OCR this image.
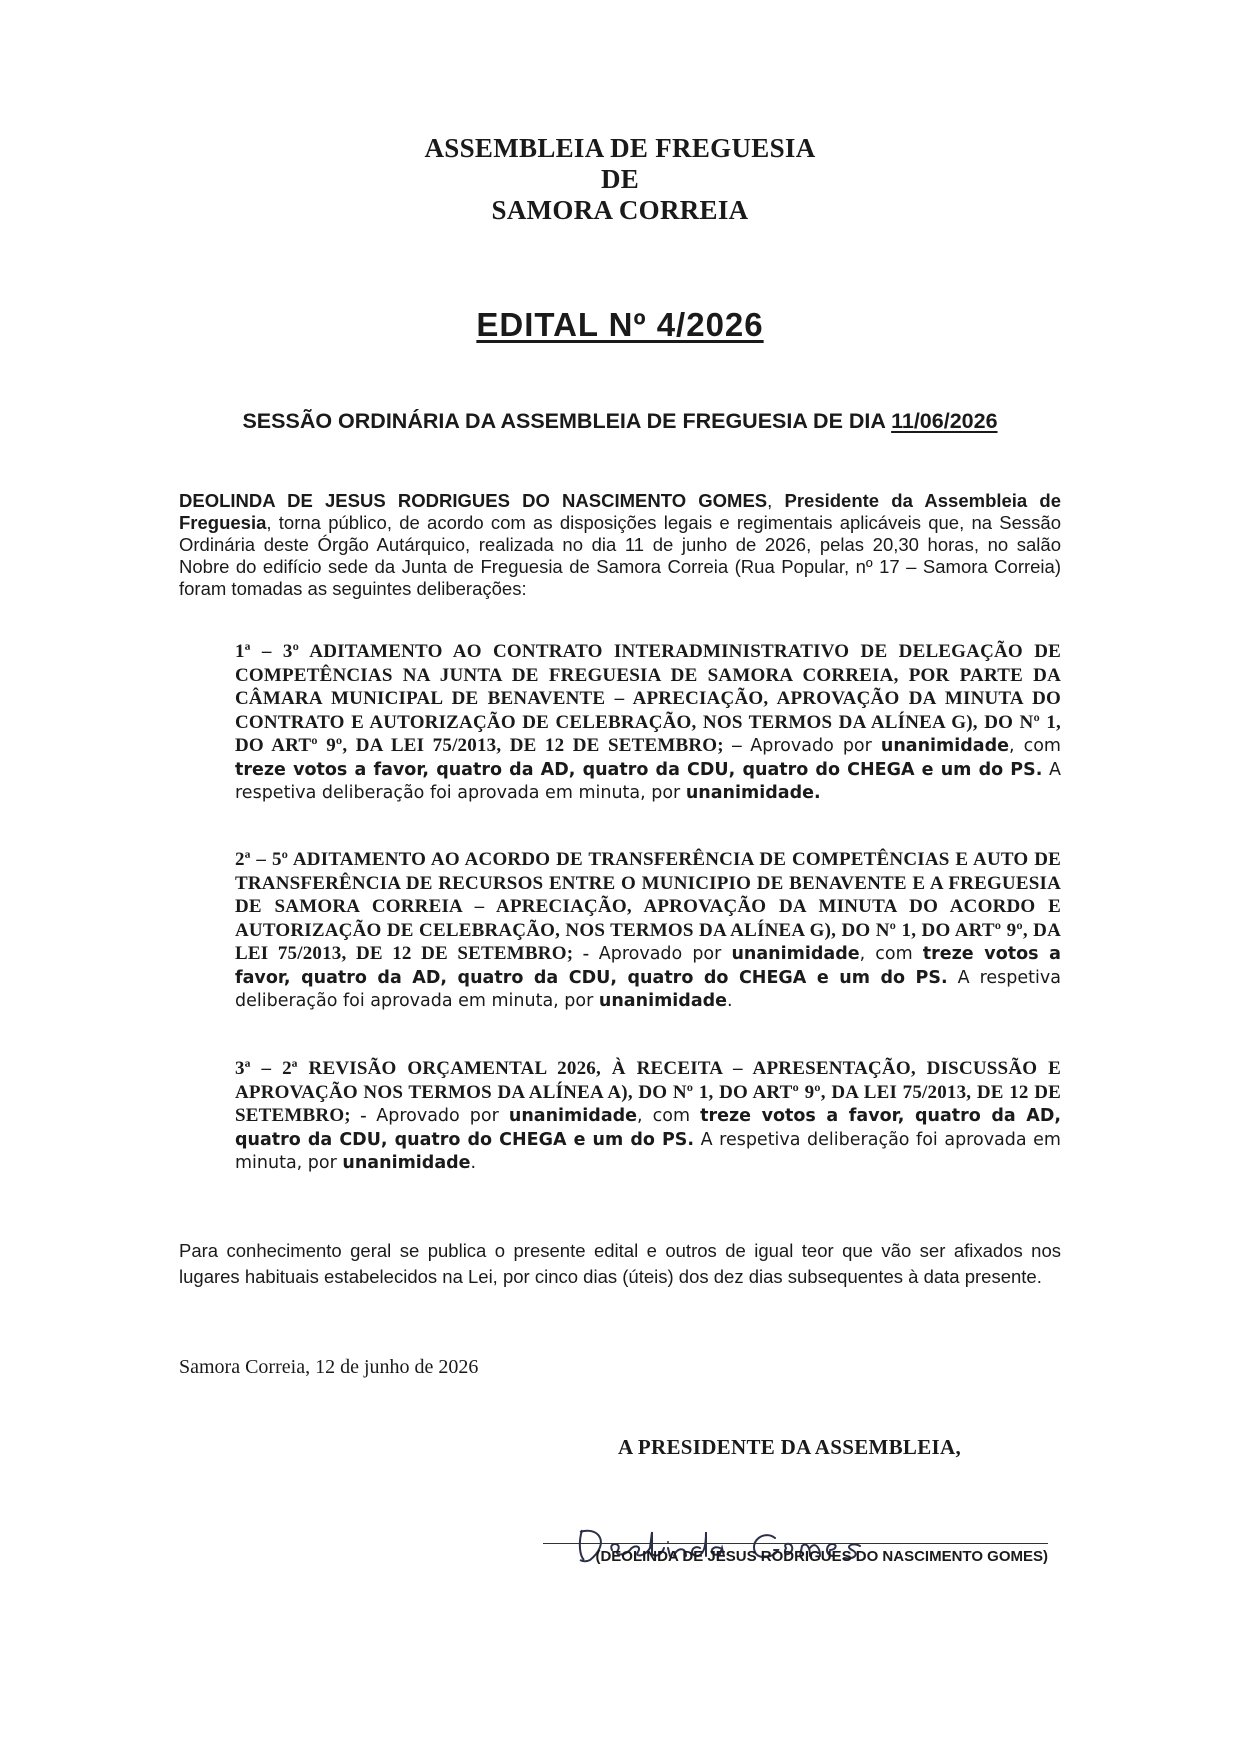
ASSEMBLEIA DE FREGUESIA
DE
SAMORA CORREIA
EDITAL Nº 4/2026
SESSÃO ORDINÁRIA DA ASSEMBLEIA DE FREGUESIA DE DIA 11/06/2026
DEOLINDA DE JESUS RODRIGUES DO NASCIMENTO GOMES, Presidente da Assembleia de Freguesia, torna público, de acordo com as disposições legais e regimentais aplicáveis que, na Sessão Ordinária deste Órgão Autárquico, realizada no dia 11 de junho de 2026, pelas 20,30 horas, no salão Nobre do edifício sede da Junta de Freguesia de Samora Correia (Rua Popular, nº 17 – Samora Correia) foram tomadas as seguintes deliberações:
1ª – 3º ADITAMENTO AO CONTRATO INTERADMINISTRATIVO DE DELEGAÇÃO DE COMPETÊNCIAS NA JUNTA DE FREGUESIA DE SAMORA CORREIA, POR PARTE DA CÂMARA MUNICIPAL DE BENAVENTE – APRECIAÇÃO, APROVAÇÃO DA MINUTA DO CONTRATO E AUTORIZAÇÃO DE CELEBRAÇÃO, NOS TERMOS DA ALÍNEA G), DO Nº 1, DO ARTº 9º, DA LEI 75/2013, DE 12 DE SETEMBRO; – Aprovado por unanimidade, com treze votos a favor, quatro da AD, quatro da CDU, quatro do CHEGA e um do PS. A respetiva deliberação foi aprovada em minuta, por unanimidade.
2ª – 5º ADITAMENTO AO ACORDO DE TRANSFERÊNCIA DE COMPETÊNCIAS E AUTO DE TRANSFERÊNCIA DE RECURSOS ENTRE O MUNICIPIO DE BENAVENTE E A FREGUESIA DE SAMORA CORREIA – APRECIAÇÃO, APROVAÇÃO DA MINUTA DO ACORDO E AUTORIZAÇÃO DE CELEBRAÇÃO, NOS TERMOS DA ALÍNEA G), DO Nº 1, DO ARTº 9º, DA LEI 75/2013, DE 12 DE SETEMBRO; - Aprovado por unanimidade, com treze votos a favor, quatro da AD, quatro da CDU, quatro do CHEGA e um do PS. A respetiva deliberação foi aprovada em minuta, por unanimidade.
3ª – 2ª REVISÃO ORÇAMENTAL 2026, À RECEITA – APRESENTAÇÃO, DISCUSSÃO E APROVAÇÃO NOS TERMOS DA ALÍNEA A), DO Nº 1, DO ARTº 9º, DA LEI 75/2013, DE 12 DE SETEMBRO; - Aprovado por unanimidade, com treze votos a favor, quatro da AD, quatro da CDU, quatro do CHEGA e um do PS. A respetiva deliberação foi aprovada em minuta, por unanimidade.
Para conhecimento geral se publica o presente edital e outros de igual teor que vão ser afixados nos lugares habituais estabelecidos na Lei, por cinco dias (úteis) dos dez dias subsequentes à data presente.
Samora Correia, 12 de junho de 2026
A PRESIDENTE DA ASSEMBLEIA,
(DEOLINDA DE JESUS RODRIGUES DO NASCIMENTO GOMES)
